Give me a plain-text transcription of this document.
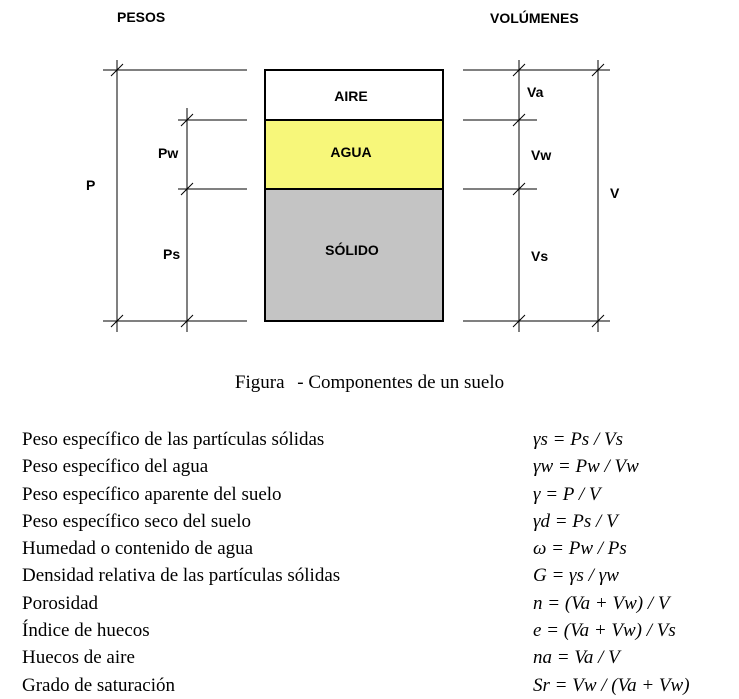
PESOS	VOLÚMENES
AIRE
AGUA
SÓLIDO
P
Pw
Ps
Va
Vw
Vs
V
Figura - Componentes de un suelo
Peso específico de las partículas sólidas	γs = Ps / Vs
Peso específico del agua	γw = Pw / Vw
Peso específico aparente del suelo	γ = P / V
Peso específico seco del suelo	γd = Ps / V
Humedad o contenido de agua	ω = Pw / Ps
Densidad relativa de las partículas sólidas	G = γs / γw
Porosidad	n = (Va + Vw) / V
Índice de huecos	e = (Va + Vw) / Vs
Huecos de aire	na = Va / V
Grado de saturación	Sr = Vw / (Va + Vw)
